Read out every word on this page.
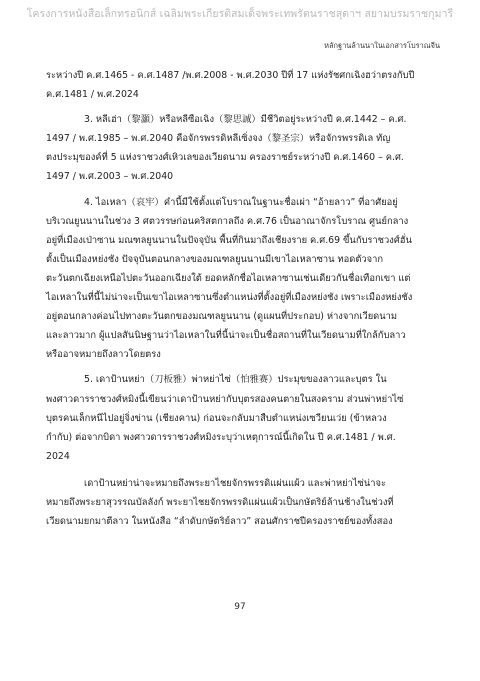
โครงการหนังสือเล็กทรอนิกส์ เฉลิมพระเกียรติสมเด็จพระเทพรัตนราชสุดาฯ สยามบรมราชกุมารี
หลักฐานล้านนาในเอกสารโบราณจีน
ระหว่างปี ค.ศ.1465 - ค.ศ.1487 /พ.ศ.2008 - พ.ศ.2030 ปีที่ 17 แห่งรัชศกเฉิงฮว่าตรงกับปี
ค.ศ.1481 / พ.ศ.2024
3. หลีเฮ่า（黎灝）หรือหลีซือเฉิง（黎思誠）มีชีวิตอยู่ระหว่างปี ค.ศ.1442 – ค.ศ.
1497 / พ.ศ.1985 – พ.ศ.2040 คือจักรพรรดิหลีเซิ่งจง（黎圣宗）หรือจักรพรรดิเล ทัญ
ตงประมุของค์ที่ 5 แห่งราชวงศ์เหิวเลของเวียดนาม ครองราชย์ระหว่างปี ค.ศ.1460 – ค.ศ.
1497 / พ.ศ.2003 – พ.ศ.2040
4. ไอเหลา（哀牢）คำนี้มีใช้ตั้งแต่โบราณในฐานะชื่อเผ่า “อ้ายลาว” ที่อาศัยอยู่
บริเวณยูนนานในช่วง 3 ศตวรรษก่อนคริสตกาลถึง ค.ศ.76 เป็นอาณาจักรโบราณ ศูนย์กลาง
อยู่ที่เมืองเป่าซาน มณฑลยูนนานในปัจจุบัน พื้นที่กินมาถึงเชียงราย ค.ศ.69 ขึ้นกับราชวงศ์ฮั่น
ตั้งเป็นเมืองหย่งชัง ปัจจุบันตอนกลางของมณฑลยูนนานมีเขาไอเหลาซาน ทอดตัวจาก
ตะวันตกเฉียงเหนือไปตะวันออกเฉียงใต้ ยอดหลักชื่อไอเหลาซานเช่นเดียวกันชื่อเทือกเขา แต่
ไอเหลาในที่นี้ไม่น่าจะเป็นเขาไอเหลาซานซึ่งตำแหน่งที่ตั้งอยู่ที่เมืองหย่งชัง เพราะเมืองหย่งชัง
อยู่ตอนกลางค่อนไปทางตะวันตกของมณฑลยูนนาน (ดูแผนที่ประกอบ) ห่างจากเวียดนาม
และลาวมาก ผู้แปลสันนิษฐานว่าไอเหลาในที่นี้น่าจะเป็นชื่อสถานที่ในเวียดนามที่ใกล้กับลาว
หรืออาจหมายถึงลาวโดยตรง
5. เดาป้านหย่า（刀板雅）พ่าหย่าไซ่（怕雅赛）ประมุขของลาวและบุตร ใน
พงศาวดารราชวงศ์หมิงนี้เขียนว่าเดาป้านหย่ากับบุตรสองคนตายในสงคราม ส่วนพ่าหย่าไซ่
บุตรคนเล็กหนีไปอยู่จิ่งข่าน (เชียงคาน) ก่อนจะกลับมาสืบตำแหน่งเซวียนเว่ย (ข้าหลวง
กำกับ) ต่อจากบิดา พงศาวดารราชวงศ์หมิงระบุว่าเหตุการณ์นี้เกิดใน ปี ค.ศ.1481 / พ.ศ.
2024
เดาป้านหย่าน่าจะหมายถึงพระยาไชยจักรพรรดิแผ่นแผ้ว และพ่าหย่าไซ่น่าจะ
หมายถึงพระยาสุวรรณบัลลังก์ พระยาไชยจักรพรรดิแผ่นแผ้วเป็นกษัตริย์ล้านช้างในช่วงที่
เวียดนามยกมาตีลาว ในหนังสือ “ลำดับกษัตริย์ลาว” สอนศักราชปีครองราชย์ของทั้งสอง
97
